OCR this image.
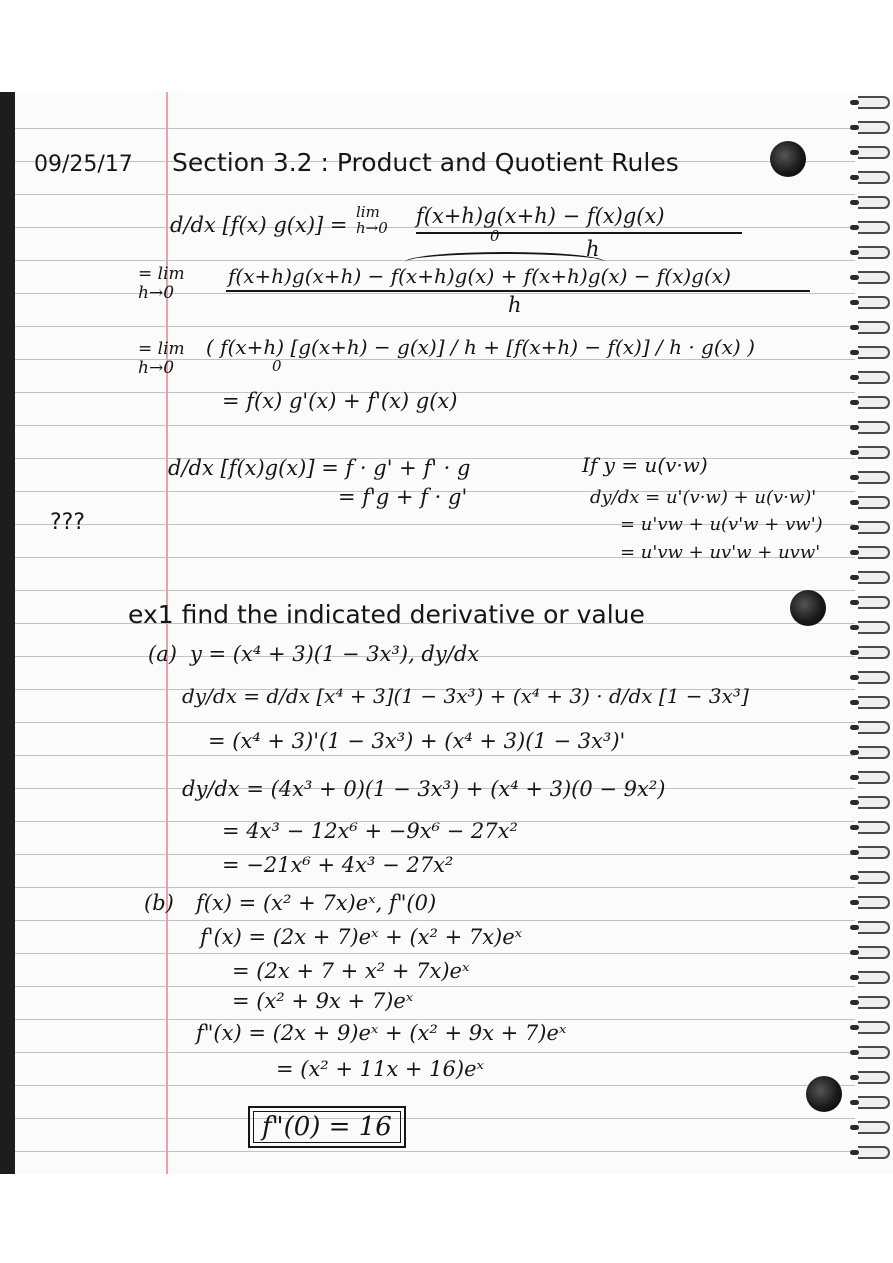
09/25/17 Section 3.2 : Product and Quotient Rules
d/dx [f(x) g(x)] =
lim h→0	f(x+h)g(x+h) − f(x)g(x)
0
h
= lim h→0
f(x+h)g(x+h) − f(x+h)g(x) + f(x+h)g(x) − f(x)g(x)
h
= lim h→0
( f(x+h) [g(x+h) − g(x)] / h + [f(x+h) − f(x)] / h · g(x) )
0
= f(x) g'(x) + f'(x) g(x)
d/dx [f(x)g(x)] = f · g' + f' · g
= f'g + f · g'
???
If y = u(v·w)
dy/dx = u'(v·w) + u(v·w)'
= u'vw + u(v'w + vw')
= u'vw + uv'w + uvw'
ex1 find the indicated derivative or value
(a) y = (x⁴ + 3)(1 − 3x³), dy/dx
dy/dx = d/dx [x⁴ + 3](1 − 3x³) + (x⁴ + 3) · d/dx [1 − 3x³]
= (x⁴ + 3)'(1 − 3x³) + (x⁴ + 3)(1 − 3x³)'
dy/dx = (4x³ + 0)(1 − 3x³) + (x⁴ + 3)(0 − 9x²)
= 4x³ − 12x⁶ + −9x⁶ − 27x²
= −21x⁶ + 4x³ − 27x²
(b) f(x) = (x² + 7x)eˣ, f"(0)
f'(x) = (2x + 7)eˣ + (x² + 7x)eˣ
= (2x + 7 + x² + 7x)eˣ
= (x² + 9x + 7)eˣ
f"(x) = (2x + 9)eˣ + (x² + 9x + 7)eˣ
= (x² + 11x + 16)eˣ
f"(0) = 16
